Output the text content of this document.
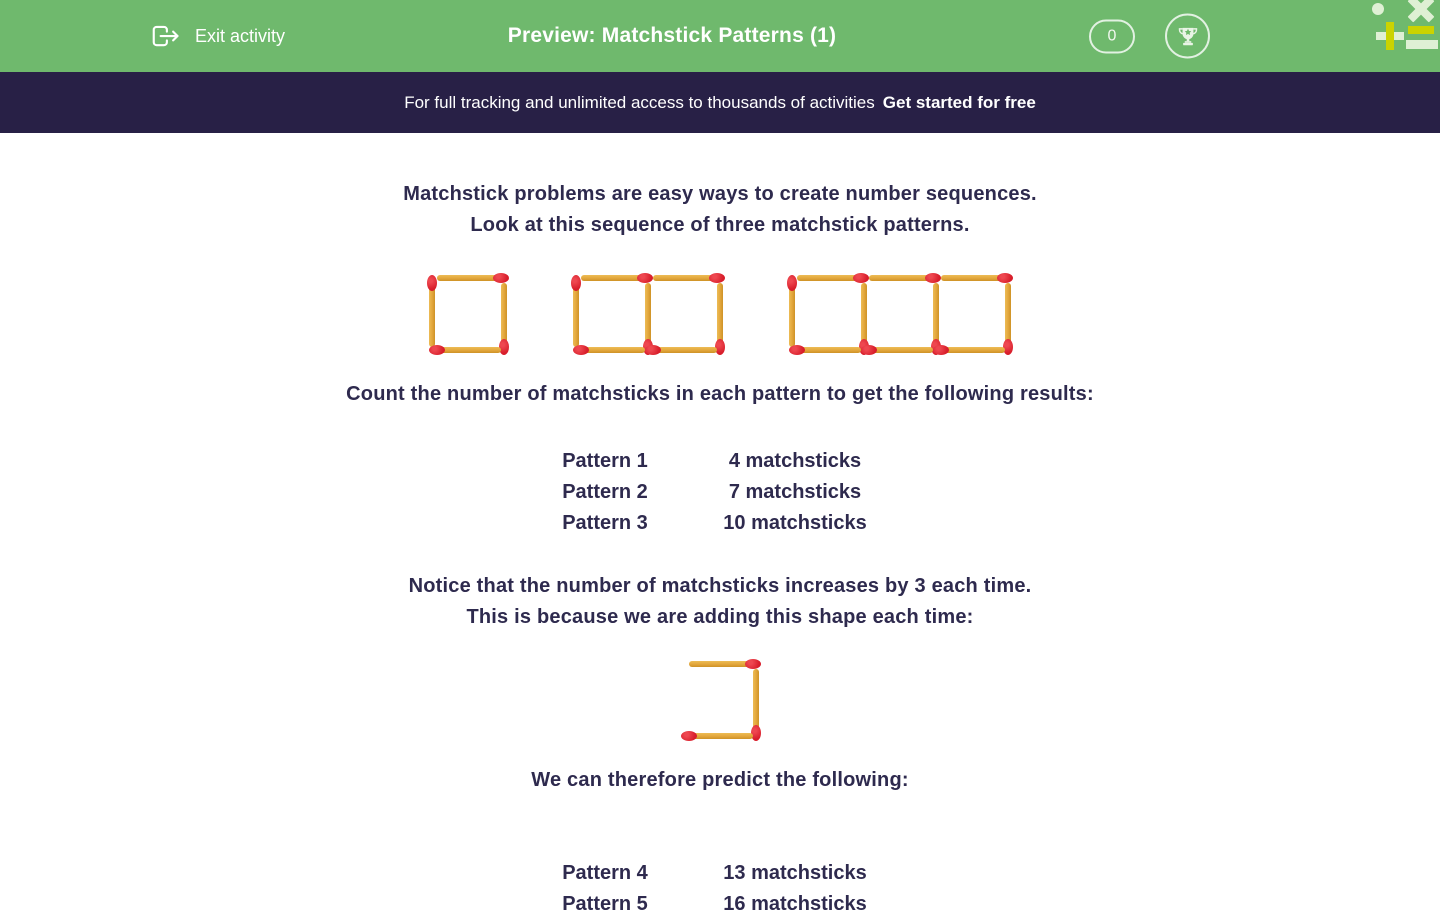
Exit activity	Preview: Matchstick Patterns (1)	0
For full tracking and unlimited access to thousands of activities Get started for free
Matchstick problems are easy ways to create number sequences.
Look at this sequence of three matchstick patterns.
Count the number of matchsticks in each pattern to get the following results:
Pattern 1	4 matchsticks
Pattern 2	7 matchsticks
Pattern 3	10 matchsticks
Notice that the number of matchsticks increases by 3 each time.
This is because we are adding this shape each time:
We can therefore predict the following:
Pattern 4	13 matchsticks
Pattern 5	16 matchsticks
